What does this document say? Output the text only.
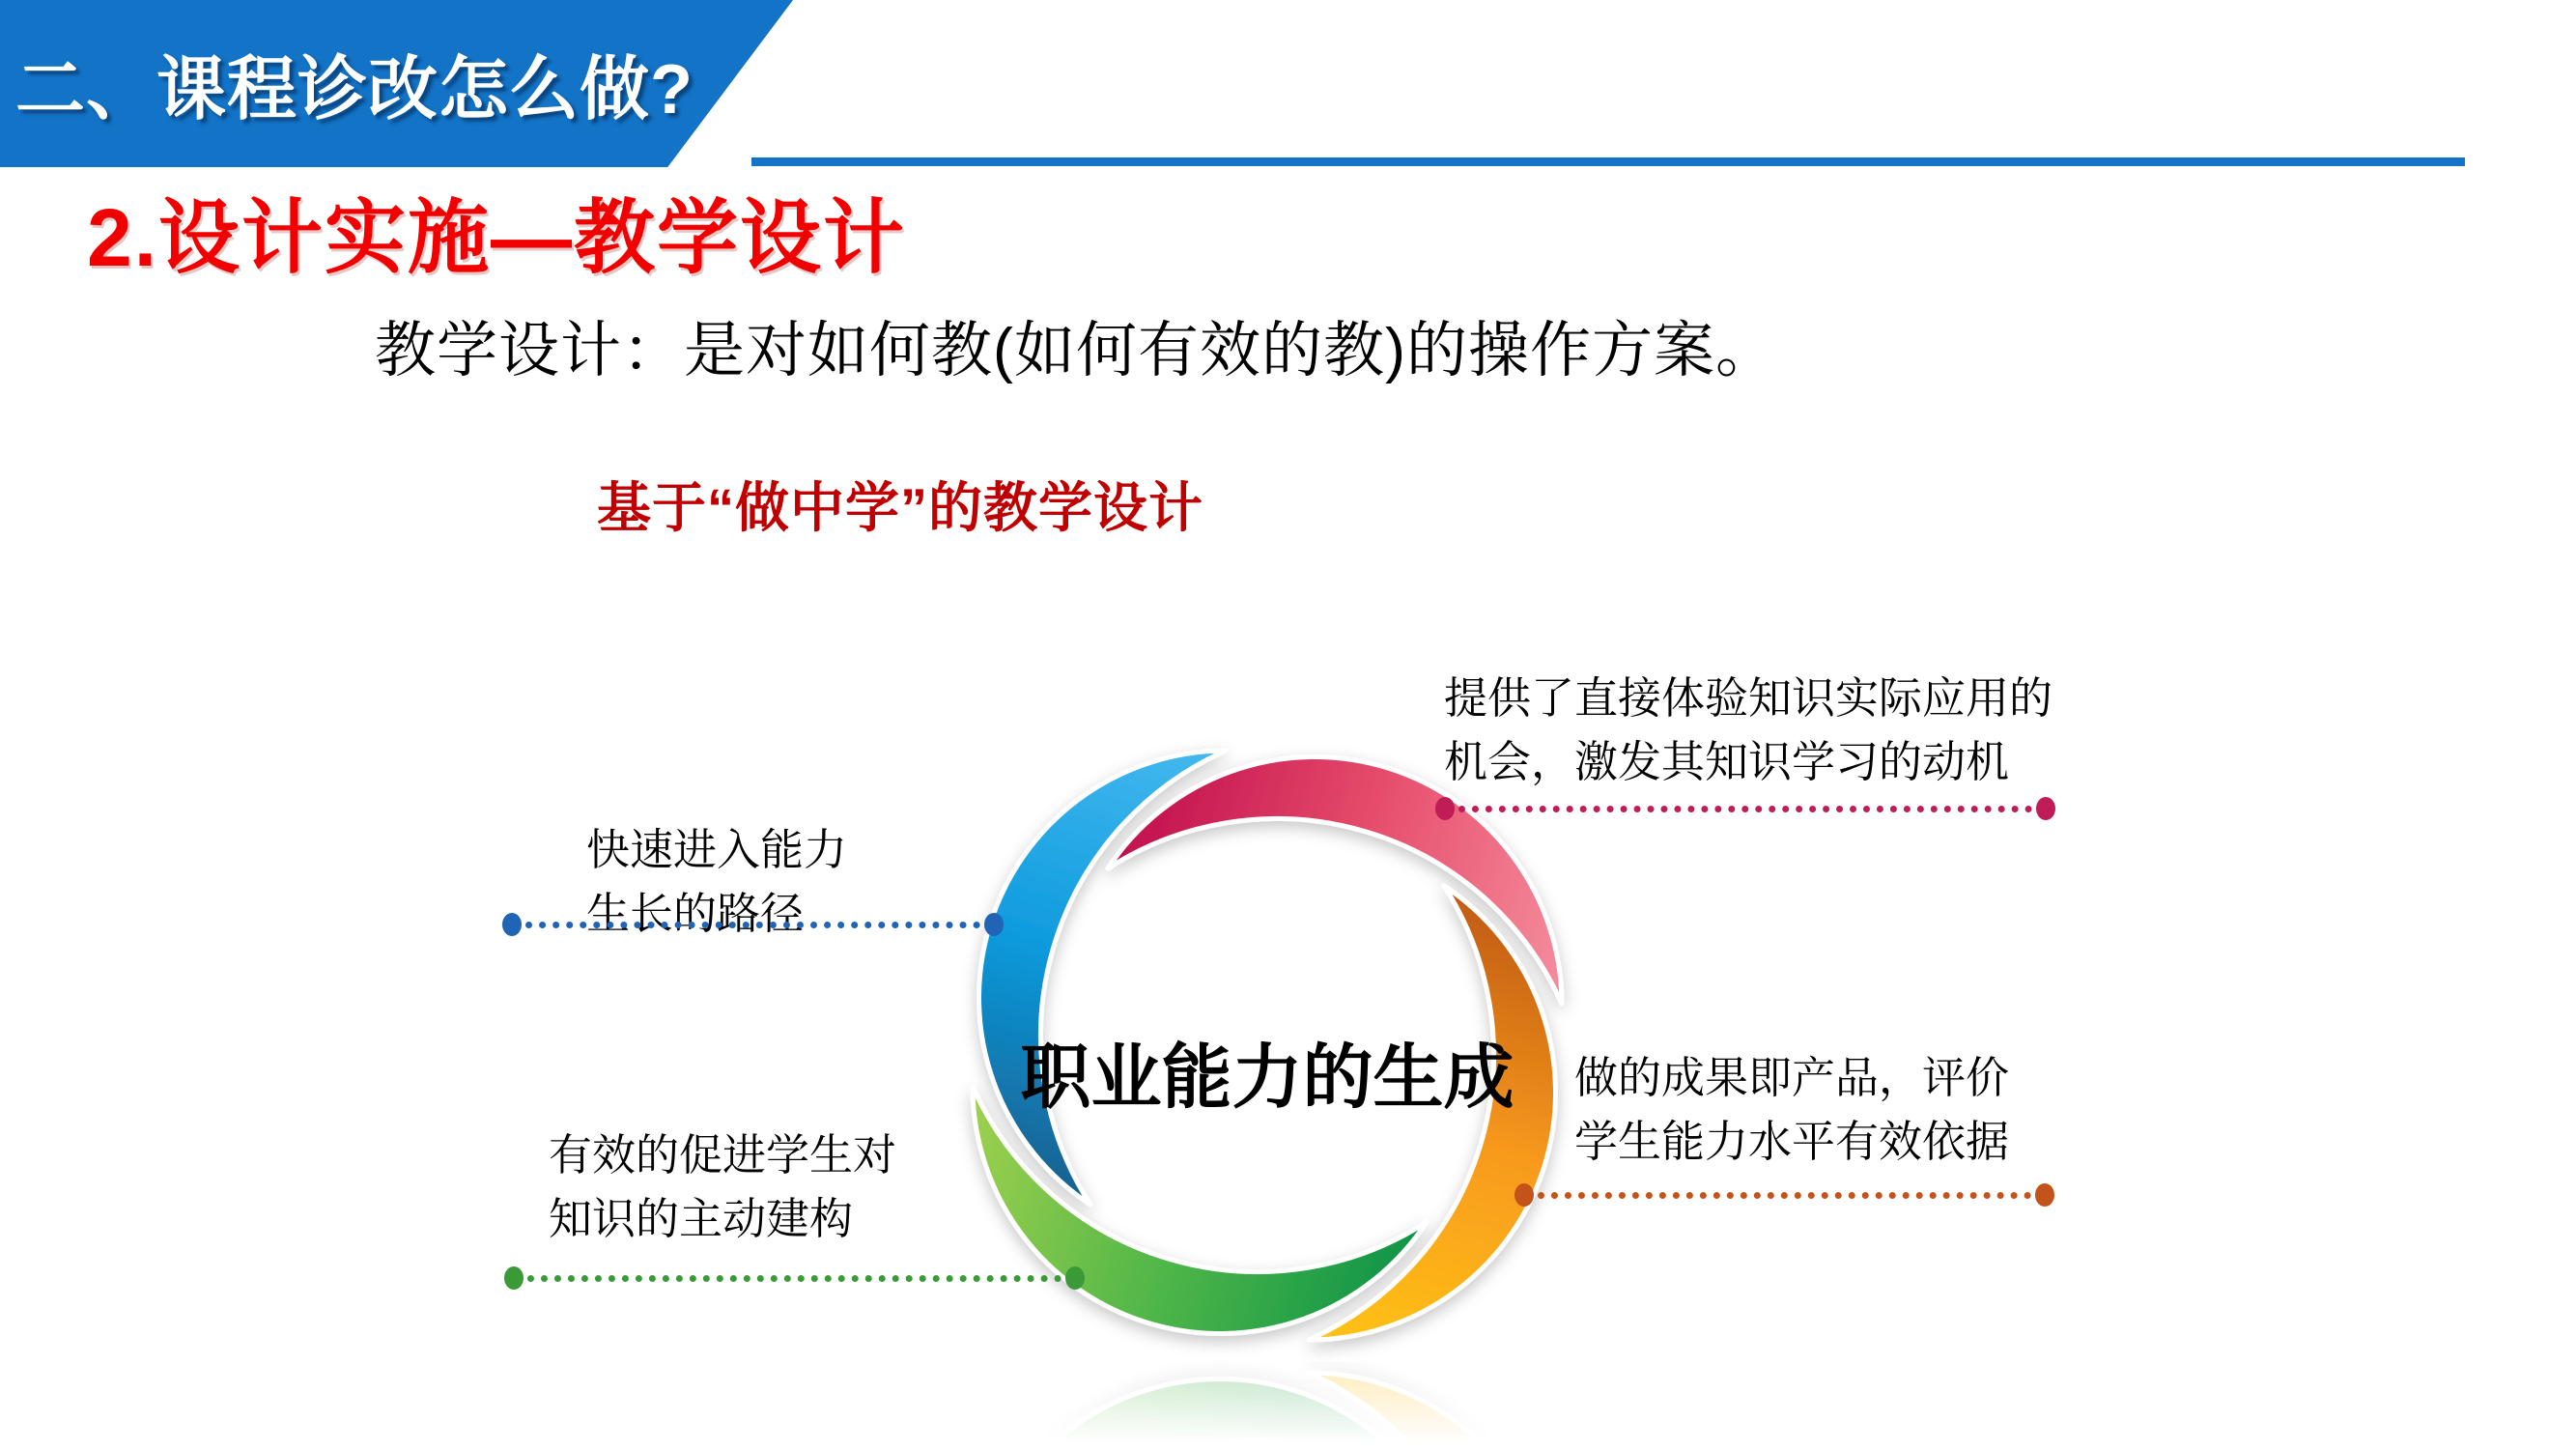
二、课程诊改怎么做?
2.设计实施—教学设计

教学设计：是对如何教(如何有效的教)的操作方案。

基于“做中学”的教学设计

职业能力的生成
提供了直接体验知识实际应用的
机会，激发其知识学习的动机
快速进入能力
生长的路径
有效的促进学生对
知识的主动建构
做的成果即产品，评价
学生能力水平有效依据
